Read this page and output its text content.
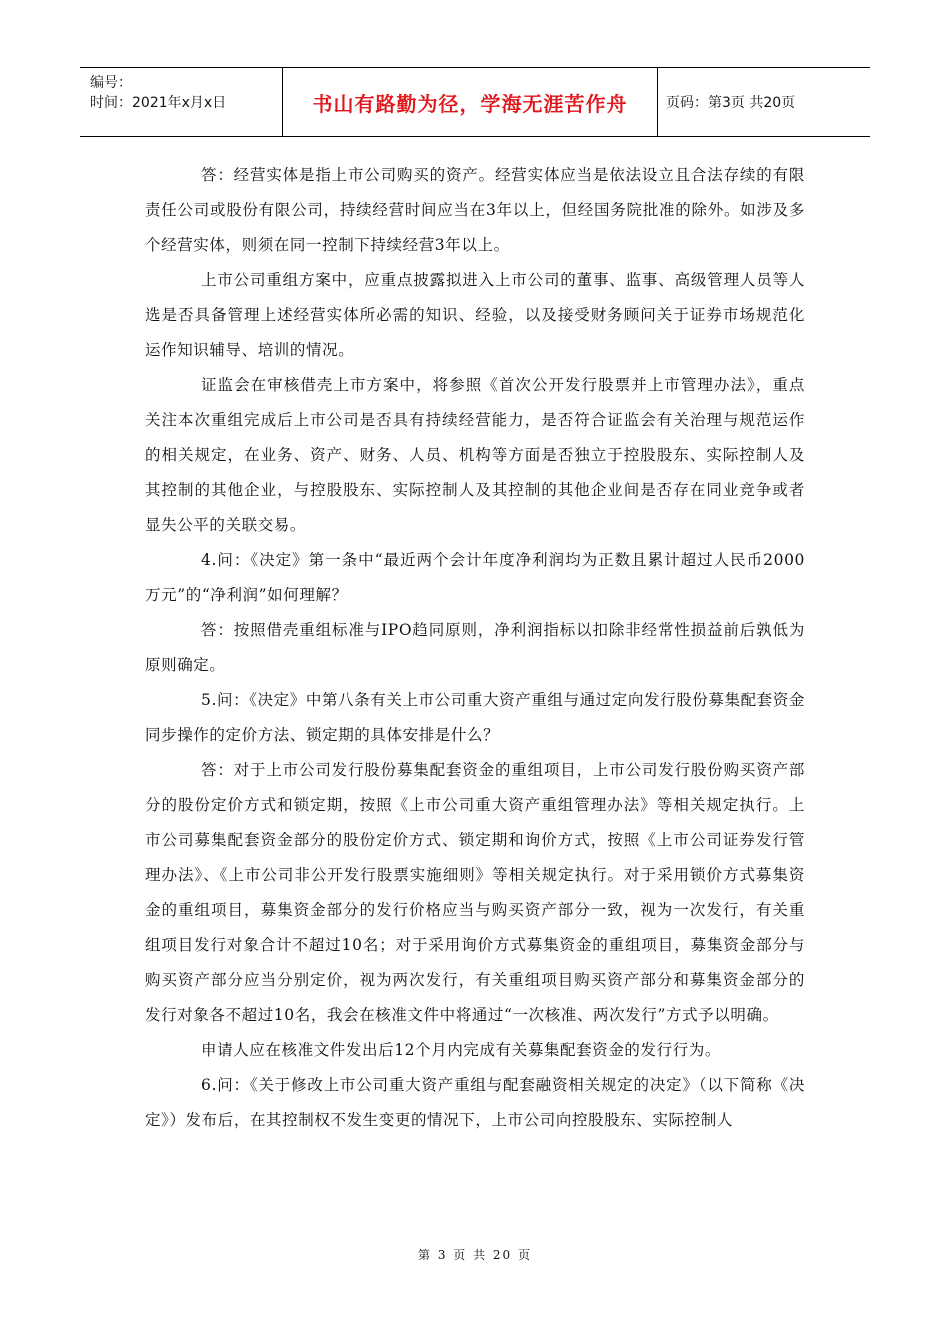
编号：
时间：2021年x月x日	书山有路勤为径，学海无涯苦作舟	页码：第3页 共20页

答：经营实体是指上市公司购买的资产。经营实体应当是依法设立且合法存续的有限责任公司或股份有限公司，持续经营时间应当在3年以上，但经国务院批准的除外。如涉及多个经营实体，则须在同一控制下持续经营3年以上。

上市公司重组方案中，应重点披露拟进入上市公司的董事、监事、高级管理人员等人选是否具备管理上述经营实体所必需的知识、经验，以及接受财务顾问关于证券市场规范化运作知识辅导、培训的情况。

证监会在审核借壳上市方案中，将参照《首次公开发行股票并上市管理办法》，重点关注本次重组完成后上市公司是否具有持续经营能力，是否符合证监会有关治理与规范运作的相关规定，在业务、资产、财务、人员、机构等方面是否独立于控股股东、实际控制人及其控制的其他企业，与控股股东、实际控制人及其控制的其他企业间是否存在同业竞争或者显失公平的关联交易。

4.问：《决定》第一条中“最近两个会计年度净利润均为正数且累计超过人民币2000万元”的“净利润”如何理解？

答：按照借壳重组标准与IPO趋同原则，净利润指标以扣除非经常性损益前后孰低为原则确定。

5.问：《决定》中第八条有关上市公司重大资产重组与通过定向发行股份募集配套资金同步操作的定价方法、锁定期的具体安排是什么？

答：对于上市公司发行股份募集配套资金的重组项目，上市公司发行股份购买资产部分的股份定价方式和锁定期，按照《上市公司重大资产重组管理办法》等相关规定执行。上市公司募集配套资金部分的股份定价方式、锁定期和询价方式，按照《上市公司证券发行管理办法》、《上市公司非公开发行股票实施细则》等相关规定执行。对于采用锁价方式募集资金的重组项目，募集资金部分的发行价格应当与购买资产部分一致，视为一次发行，有关重组项目发行对象合计不超过10名；对于采用询价方式募集资金的重组项目，募集资金部分与购买资产部分应当分别定价，视为两次发行，有关重组项目购买资产部分和募集资金部分的发行对象各不超过10名，我会在核准文件中将通过“一次核准、两次发行”方式予以明确。

申请人应在核准文件发出后12个月内完成有关募集配套资金的发行行为。

6.问：《关于修改上市公司重大资产重组与配套融资相关规定的决定》（以下简称《决定》）发布后，在其控制权不发生变更的情况下，上市公司向控股股东、实际控制人

第 3 页 共 20 页
